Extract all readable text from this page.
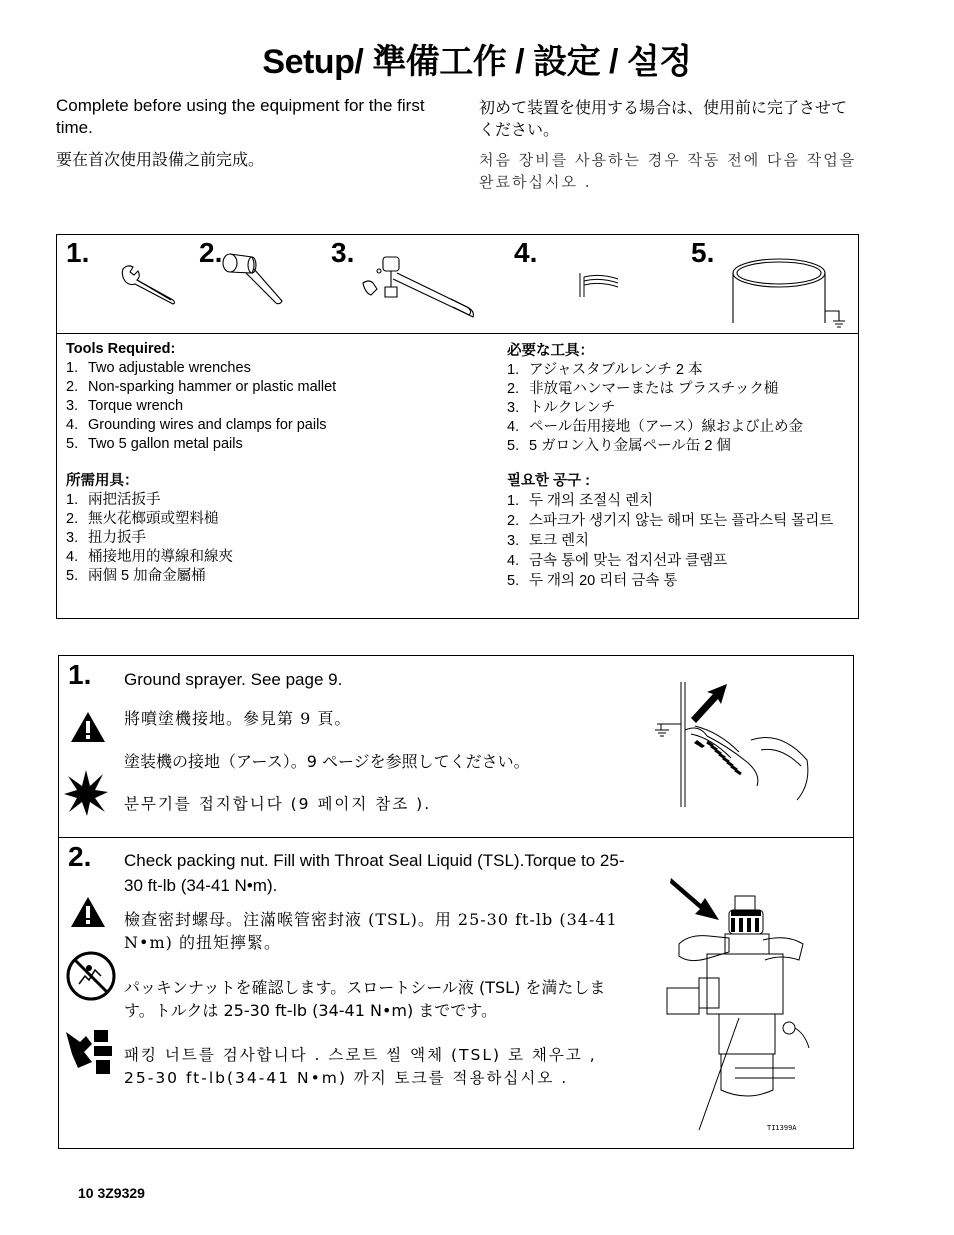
Setup/ 準備工作 / 設定 / 설정

Complete before using the equipment for the first time.

要在首次使用設備之前完成。

初めて装置を使用する場合は、使用前に完了させてください。

처음 장비를 사용하는 경우 작동 전에 다음 작업을 완료하십시오 .

1.	2.	3.	4.	5.
Tools Required:
1. Two adjustable wrenches
2. Non-sparking hammer or plastic mallet
3. Torque wrench
4. Grounding wires and clamps for pails
5. Two 5 gallon metal pails
所需用具：
1. 兩把活扳手
2. 無火花榔頭或塑料槌
3. 扭力扳手
4. 桶接地用的導線和線夾
5. 兩個 5 加侖金屬桶
必要な工具：
1. アジャスタブルレンチ 2 本
2. 非放電ハンマーまたは プラスチック槌
3. トルクレンチ
4. ペール缶用接地（アース）線および止め金
5. 5 ガロン入り金属ペール缶 2 個
필요한 공구 :
1. 두 개의 조절식 렌치
2. 스파크가 생기지 않는 해머 또는 플라스틱 몰리트
3. 토크 렌치
4. 금속 통에 맞는 접지선과 클램프
5. 두 개의 20 리터 금속 통
1. Ground sprayer. See page 9.

將噴塗機接地。參見第 9 頁。

塗装機の接地（アース）。9 ページを参照してください。

분무기를 접지합니다 (9 페이지 참조 ).

2. Check packing nut. Fill with Throat Seal Liquid (TSL).Torque to 25-30 ft-lb (34-41 N•m).

檢查密封螺母。注滿喉管密封液 (TSL)。用 25-30 ft-lb (34-41 N•m) 的扭矩擰緊。

パッキンナットを確認します。スロートシール液 (TSL) を満たします。トルクは 25-30 ft-lb (34-41 N•m) までです。

패킹 너트를 검사합니다 . 스로트 씰 액체 (TSL) 로 채우고 , 25-30 ft-lb(34-41 N•m) 까지 토크를 적용하십시오 .

TI1399A
10 3Z9329
